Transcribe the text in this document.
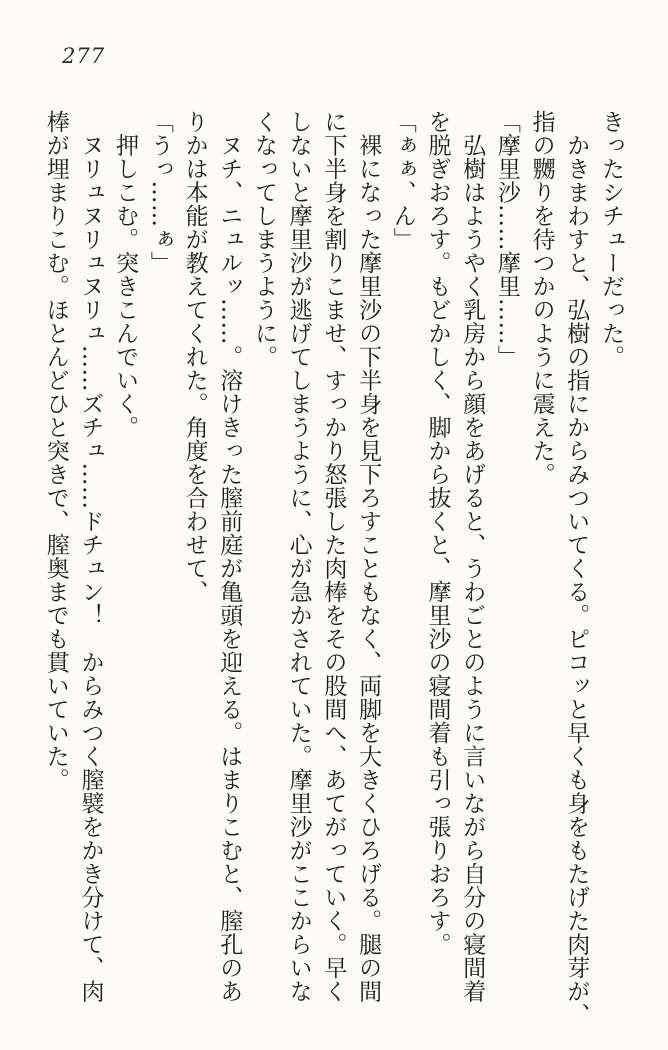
277
きったシチューだった。
　かきまわすと、弘樹の指にからみついてくる。ピコッと早くも身をもたげた肉芽が、
指の嬲りを待つかのように震えた。
「摩里沙……摩里……」
　弘樹はようやく乳房から顔をあげると、うわごとのように言いながら自分の寝間着
を脱ぎおろす。もどかしく、脚から抜くと、摩里沙の寝間着も引っ張りおろす。
「ぁぁ、ん」
　裸になった摩里沙の下半身を見下ろすこともなく、両脚を大きくひろげる。腿の間
に下半身を割りこませ、すっかり怒張した肉棒をその股間へ、あてがっていく。早く
しないと摩里沙が逃げてしまうように、心が急かされていた。摩里沙がここからいな
くなってしまうように。
　ヌチ、ニュルッ……。溶けきった膣前庭が亀頭を迎える。はまりこむと、膣孔のあ
りかは本能が教えてくれた。角度を合わせて、
「うっ……ぁ」
　押しこむ。突きこんでいく。
　ヌリュヌリュヌリュ……ズチュ……ドチュン！　からみつく膣襞をかき分けて、肉
棒が埋まりこむ。ほとんどひと突きで、膣奥までも貫いていた。
